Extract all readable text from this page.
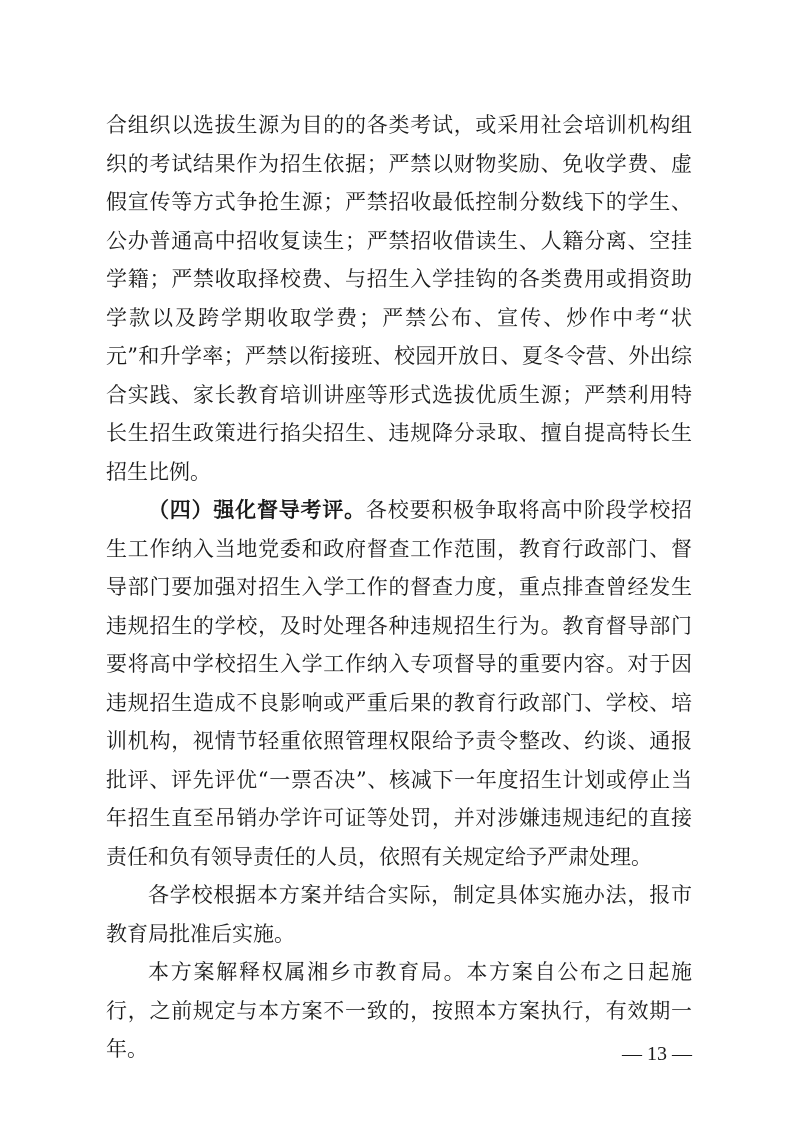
合组织以选拔生源为目的的各类考试，或采用社会培训机构组织的考试结果作为招生依据；严禁以财物奖励、免收学费、虚假宣传等方式争抢生源；严禁招收最低控制分数线下的学生、公办普通高中招收复读生；严禁招收借读生、人籍分离、空挂学籍；严禁收取择校费、与招生入学挂钩的各类费用或捐资助学款以及跨学期收取学费；严禁公布、宣传、炒作中考“状元”和升学率；严禁以衔接班、校园开放日、夏冬令营、外出综合实践、家长教育培训讲座等形式选拔优质生源；严禁利用特长生招生政策进行掐尖招生、违规降分录取、擅自提高特长生招生比例。

（四）强化督导考评。各校要积极争取将高中阶段学校招生工作纳入当地党委和政府督查工作范围，教育行政部门、督导部门要加强对招生入学工作的督查力度，重点排查曾经发生违规招生的学校，及时处理各种违规招生行为。教育督导部门要将高中学校招生入学工作纳入专项督导的重要内容。对于因违规招生造成不良影响或严重后果的教育行政部门、学校、培训机构，视情节轻重依照管理权限给予责令整改、约谈、通报批评、评先评优“一票否决”、核减下一年度招生计划或停止当年招生直至吊销办学许可证等处罚，并对涉嫌违规违纪的直接责任和负有领导责任的人员，依照有关规定给予严肃处理。

各学校根据本方案并结合实际，制定具体实施办法，报市教育局批准后实施。

本方案解释权属湘乡市教育局。本方案自公布之日起施行，之前规定与本方案不一致的，按照本方案执行，有效期一年。	— 13 —
